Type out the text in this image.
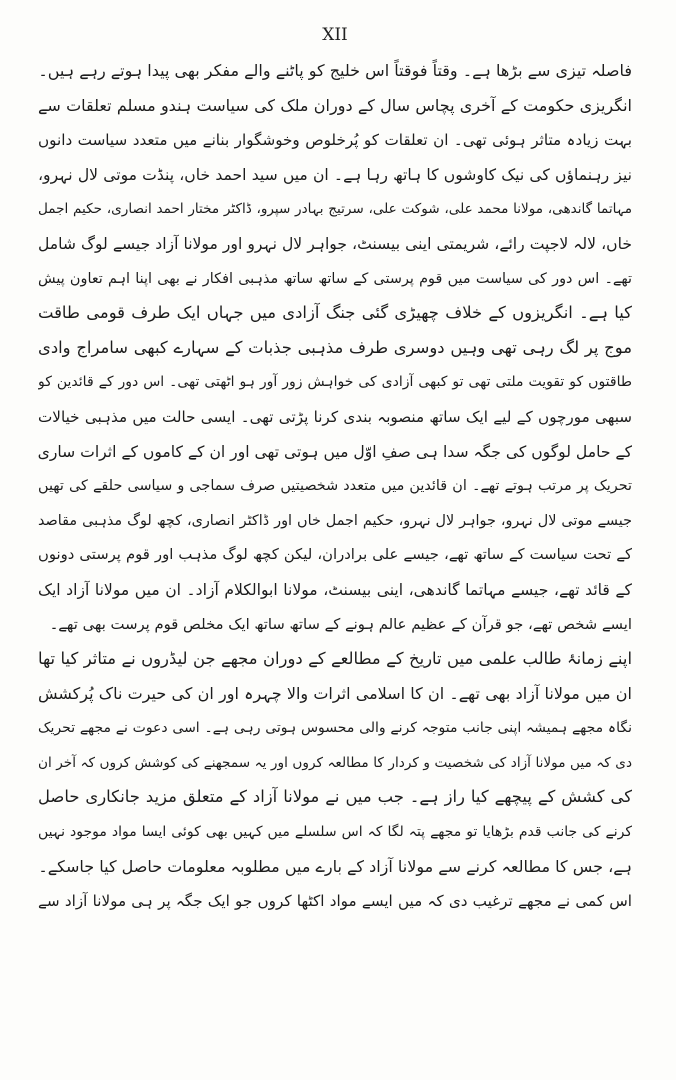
XII
فاصلہ تیزی سے بڑھا ہے۔ وقتاً فوقتاً اس خلیج کو پاٹنے والے مفکر بھی پیدا ہوتے رہے ہیں۔
انگریزی حکومت کے آخری پچاس سال کے دوران ملک کی سیاست ہندو مسلم تعلقات سے
بہت زیادہ متاثر ہوئی تھی۔ ان تعلقات کو پُرخلوص وخوشگوار بنانے میں متعدد سیاست دانوں
نیز رہنماؤں کی نیک کاوشوں کا ہاتھ رہا ہے۔ ان میں سید احمد خاں، پنڈت موتی لال نہرو،
مہاتما گاندھی، مولانا محمد علی، شوکت علی، سرتیج بہادر سپرو، ڈاکٹر مختار احمد انصاری، حکیم اجمل
خاں، لالہ لاجپت رائے، شریمتی اینی بیسنٹ، جواہر لال نہرو اور مولانا آزاد جیسے لوگ شامل
تھے۔ اس دور کی سیاست میں قوم پرستی کے ساتھ ساتھ مذہبی افکار نے بھی اپنا اہم تعاون پیش
کیا ہے۔ انگریزوں کے خلاف چھیڑی گئی جنگ آزادی میں جہاں ایک طرف قومی طاقت
موج پر لگ رہی تھی وہیں دوسری طرف مذہبی جذبات کے سہارے کبھی سامراج وادی
طاقتوں کو تقویت ملتی تھی تو کبھی آزادی کی خواہش زور آور ہو اٹھتی تھی۔ اس دور کے قائدین کو
سبھی مورچوں کے لیے ایک ساتھ منصوبہ بندی کرنا پڑتی تھی۔ ایسی حالت میں مذہبی خیالات
کے حامل لوگوں کی جگہ سدا ہی صفِ اوّل میں ہوتی تھی اور ان کے کاموں کے اثرات ساری
تحریک پر مرتب ہوتے تھے۔ ان قائدین میں متعدد شخصیتیں صرف سماجی و سیاسی حلقے کی تھیں
جیسے موتی لال نہرو، جواہر لال نہرو، حکیم اجمل خاں اور ڈاکٹر انصاری، کچھ لوگ مذہبی مقاصد
کے تحت سیاست کے ساتھ تھے، جیسے علی برادران، لیکن کچھ لوگ مذہب اور قوم پرستی دونوں
کے قائد تھے، جیسے مہاتما گاندھی، اینی بیسنٹ، مولانا ابوالکلام آزاد۔ ان میں مولانا آزاد ایک
ایسے شخص تھے، جو قرآن کے عظیم عالم ہونے کے ساتھ ساتھ ایک مخلص قوم پرست بھی تھے۔
اپنے زمانۂ طالب علمی میں تاریخ کے مطالعے کے دوران مجھے جن لیڈروں نے متاثر کیا تھا
ان میں مولانا آزاد بھی تھے۔ ان کا اسلامی اثرات والا چہرہ اور ان کی حیرت ناک پُرکشش
نگاہ مجھے ہمیشہ اپنی جانب متوجہ کرنے والی محسوس ہوتی رہی ہے۔ اسی دعوت نے مجھے تحریک
دی کہ میں مولانا آزاد کی شخصیت و کردار کا مطالعہ کروں اور یہ سمجھنے کی کوشش کروں کہ آخر ان
کی کشش کے پیچھے کیا راز ہے۔ جب میں نے مولانا آزاد کے متعلق مزید جانکاری حاصل
کرنے کی جانب قدم بڑھایا تو مجھے پتہ لگا کہ اس سلسلے میں کہیں بھی کوئی ایسا مواد موجود نہیں
ہے، جس کا مطالعہ کرنے سے مولانا آزاد کے بارے میں مطلوبہ معلومات حاصل کیا جاسکے۔
اس کمی نے مجھے ترغیب دی کہ میں ایسے مواد اکٹھا کروں جو ایک جگہ پر ہی مولانا آزاد سے
